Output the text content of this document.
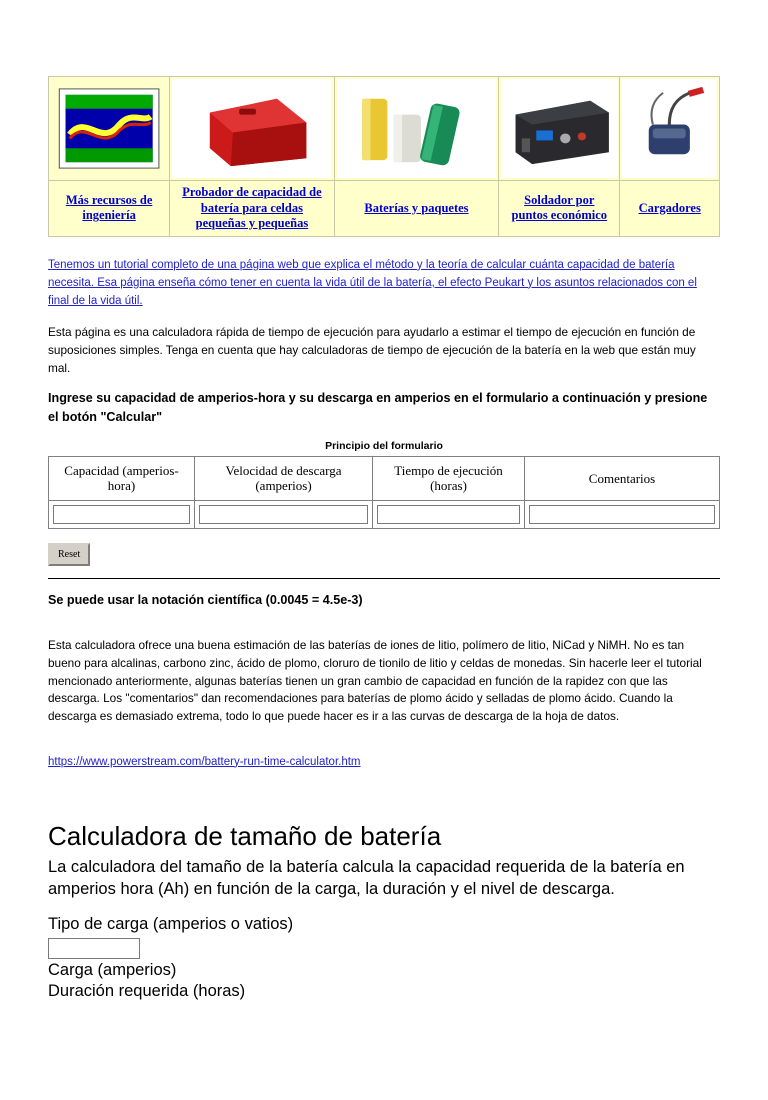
Más recursos de ingeniería	Probador de capacidad de batería para celdas pequeñas y pequeñas	Baterías y paquetes	Soldador por puntos económico	Cargadores
Tenemos un tutorial completo de una página web que explica el método y la teoría de calcular cuánta capacidad de batería necesita. Esa página enseña cómo tener en cuenta la vida útil de la batería, el efecto Peukart y los asuntos relacionados con el final de la vida útil.

Esta página es una calculadora rápida de tiempo de ejecución para ayudarlo a estimar el tiempo de ejecución en función de suposiciones simples. Tenga en cuenta que hay calculadoras de tiempo de ejecución de la batería en la web que están muy mal.

Ingrese su capacidad de amperios-hora y su descarga en amperios en el formulario a continuación y presione el botón "Calcular"

Principio del formulario
Capacidad (amperios-hora)	Velocidad de descarga (amperios)	Tiempo de ejecución (horas)	Comentarios

Reset

Se puede usar la notación científica (0.0045 = 4.5e-3)

Esta calculadora ofrece una buena estimación de las baterías de iones de litio, polímero de litio, NiCad y NiMH. No es tan bueno para alcalinas, carbono zinc, ácido de plomo, cloruro de tionilo de litio y celdas de monedas. Sin hacerle leer el tutorial mencionado anteriormente, algunas baterías tienen un gran cambio de capacidad en función de la rapidez con que las descarga. Los "comentarios" dan recomendaciones para baterías de plomo ácido y selladas de plomo ácido. Cuando la descarga es demasiado extrema, todo lo que puede hacer es ir a las curvas de descarga de la hoja de datos.

https://www.powerstream.com/battery-run-time-calculator.htm
Calculadora de tamaño de batería

La calculadora del tamaño de la batería calcula la capacidad requerida de la batería en amperios hora (Ah) en función de la carga, la duración y el nivel de descarga.

Tipo de carga (amperios o vatios)
Carga (amperios)
Duración requerida (horas)
